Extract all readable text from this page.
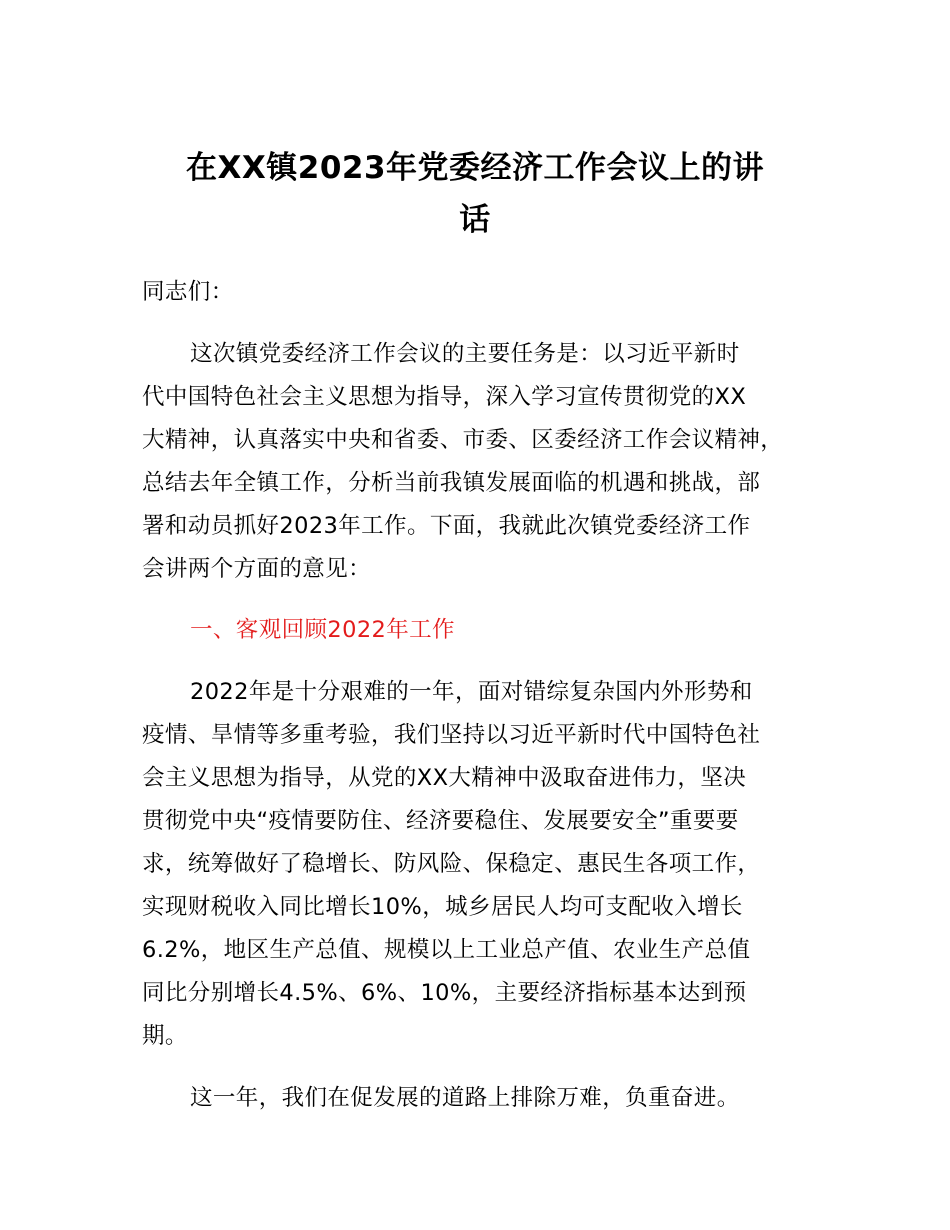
在XX镇2023年党委经济工作会议上的讲
话
同志们：
这次镇党委经济工作会议的主要任务是：以习近平新时
代中国特色社会主义思想为指导，深入学习宣传贯彻党的XX
大精神，认真落实中央和省委、市委、区委经济工作会议精神，
总结去年全镇工作，分析当前我镇发展面临的机遇和挑战，部
署和动员抓好2023年工作。下面，我就此次镇党委经济工作
会讲两个方面的意见：
一、客观回顾2022年工作
2022年是十分艰难的一年，面对错综复杂国内外形势和
疫情、旱情等多重考验，我们坚持以习近平新时代中国特色社
会主义思想为指导，从党的XX大精神中汲取奋进伟力，坚决
贯彻党中央“疫情要防住、经济要稳住、发展要安全”重要要
求，统筹做好了稳增长、防风险、保稳定、惠民生各项工作，
实现财税收入同比增长10%，城乡居民人均可支配收入增长
6.2%，地区生产总值、规模以上工业总产值、农业生产总值
同比分别增长4.5%、6%、10%，主要经济指标基本达到预
期。
这一年，我们在促发展的道路上排除万难，负重奋进。
